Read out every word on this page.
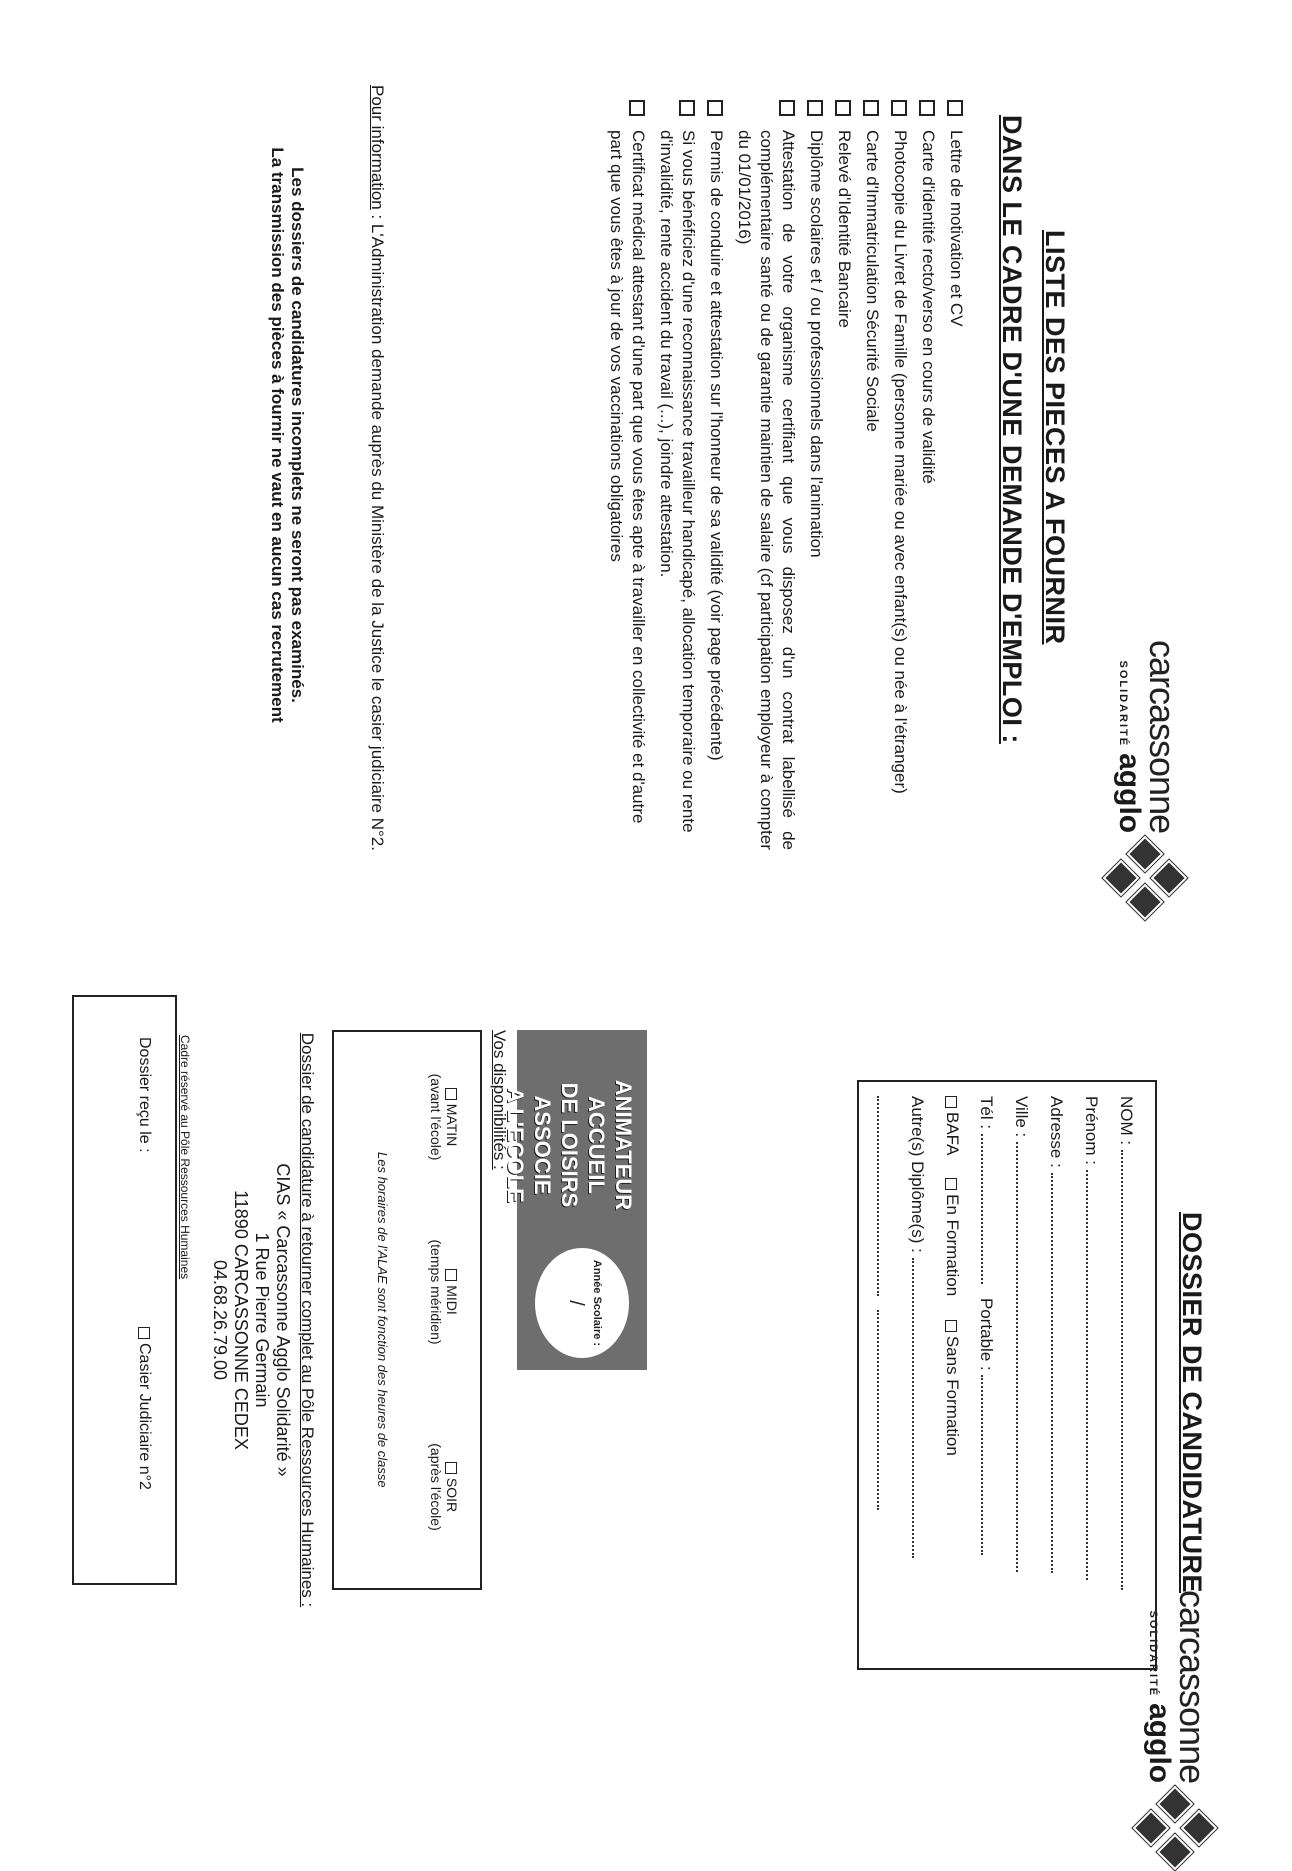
carcassonne
SOLIDARITÉagglo
LISTE DES PIECES A FOURNIR
DANS LE CADRE D'UNE DEMANDE D'EMPLOI :
Lettre de motivation et CV
Carte d'identité recto/verso en cours de validité
Photocopie du Livret de Famille (personne mariée ou avec enfant(s) ou née à l'étranger)
Carte d'Immatriculation Sécurité Sociale
Relevé d'Identité Bancaire
Diplôme scolaires et / ou professionnels dans l'animation
Attestation de votre organisme certifiant que vous disposez d'un contrat labellisé de complémentaire santé ou de garantie maintien de salaire (cf participation employeur à compter du 01/01/2016)
Permis de conduire et attestation sur l'honneur de sa validité (voir page précédente)
Si vous bénéficiez d'une reconnaissance travailleur handicapé, allocation temporaire ou rente d'invalidité, rente accident du travail (...), joindre attestation.
Certificat médical attestant d'une part que vous êtes apte à travailler en collectivité et d'autre part que vous êtes à jour de vos vaccinations obligatoires
Pour information : L'Administration demande auprès du Ministère de la Justice le casier judiciaire N°2.
Les dossiers de candidatures incomplets ne seront pas examinés.
La transmission des pièces à fournir ne vaut en aucun cas recrutement
carcassonne
SOLIDARITÉagglo
DOSSIER DE CANDIDATURE
NOM :
Prénom :
Adresse :
Ville :
Tél :    Portable :
BAFA     En Formation     Sans Formation
Autre(s) Diplôme(s) :

ANIMATEUR
ACCUEIL
DE LOISIRS ASSOCIE
A L'ECOLE
Année Scolaire :
/
Vos disponibilités :
MATIN
(avant l'école)
MIDI
(temps méridien)
SOIR
(après l'école)
Les horaires de l'ALAE sont fonction des heures de classe
Dossier de candidature à retourner complet au Pôle Ressources Humaines :
CIAS « Carcassonne Agglo Solidarité »
1 Rue Pierre Germain
11890 CARCASSONNE CEDEX
04.68.26.79.00
Cadre réservé au Pôle Ressources Humaines
Dossier reçu le :
Casier Judiciaire n°2
